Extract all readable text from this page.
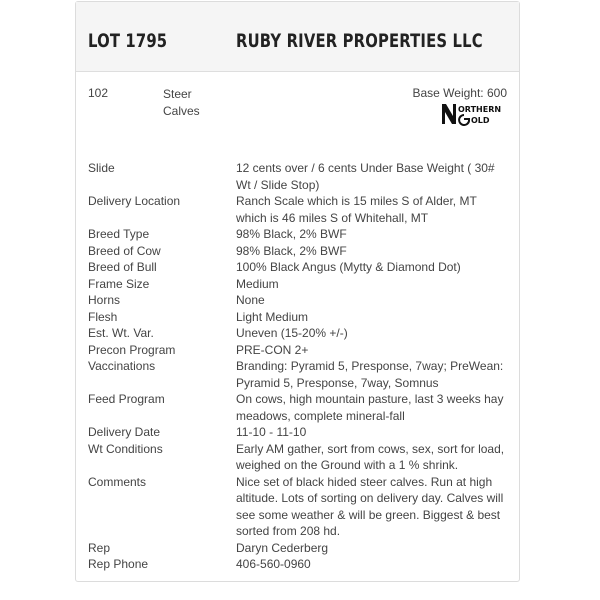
LOT 1795	RUBY RIVER PROPERTIES LLC
102	Steer
Calves
Base Weight: 600
ORTHERN
OLD
Slide	12 cents over / 6 cents Under Base Weight ( 30# Wt / Slide Stop)
Delivery Location	Ranch Scale which is 15 miles S of Alder, MT which is 46 miles S of Whitehall, MT
Breed Type	98% Black, 2% BWF
Breed of Cow	98% Black, 2% BWF
Breed of Bull	100% Black Angus (Mytty & Diamond Dot)
Frame Size	Medium
Horns	None
Flesh	Light Medium
Est. Wt. Var.	Uneven (15-20% +/-)
Precon Program	PRE-CON 2+
Vaccinations	Branding: Pyramid 5, Presponse, 7way; PreWean: Pyramid 5, Presponse, 7way, Somnus
Feed Program	On cows, high mountain pasture, last 3 weeks hay meadows, complete mineral-fall
Delivery Date	11-10 - 11-10
Wt Conditions	Early AM gather, sort from cows, sex, sort for load, weighed on the Ground with a 1 % shrink.
Comments	Nice set of black hided steer calves. Run at high altitude. Lots of sorting on delivery day. Calves will see some weather & will be green. Biggest & best sorted from 208 hd.
Rep	Daryn Cederberg
Rep Phone	406-560-0960
